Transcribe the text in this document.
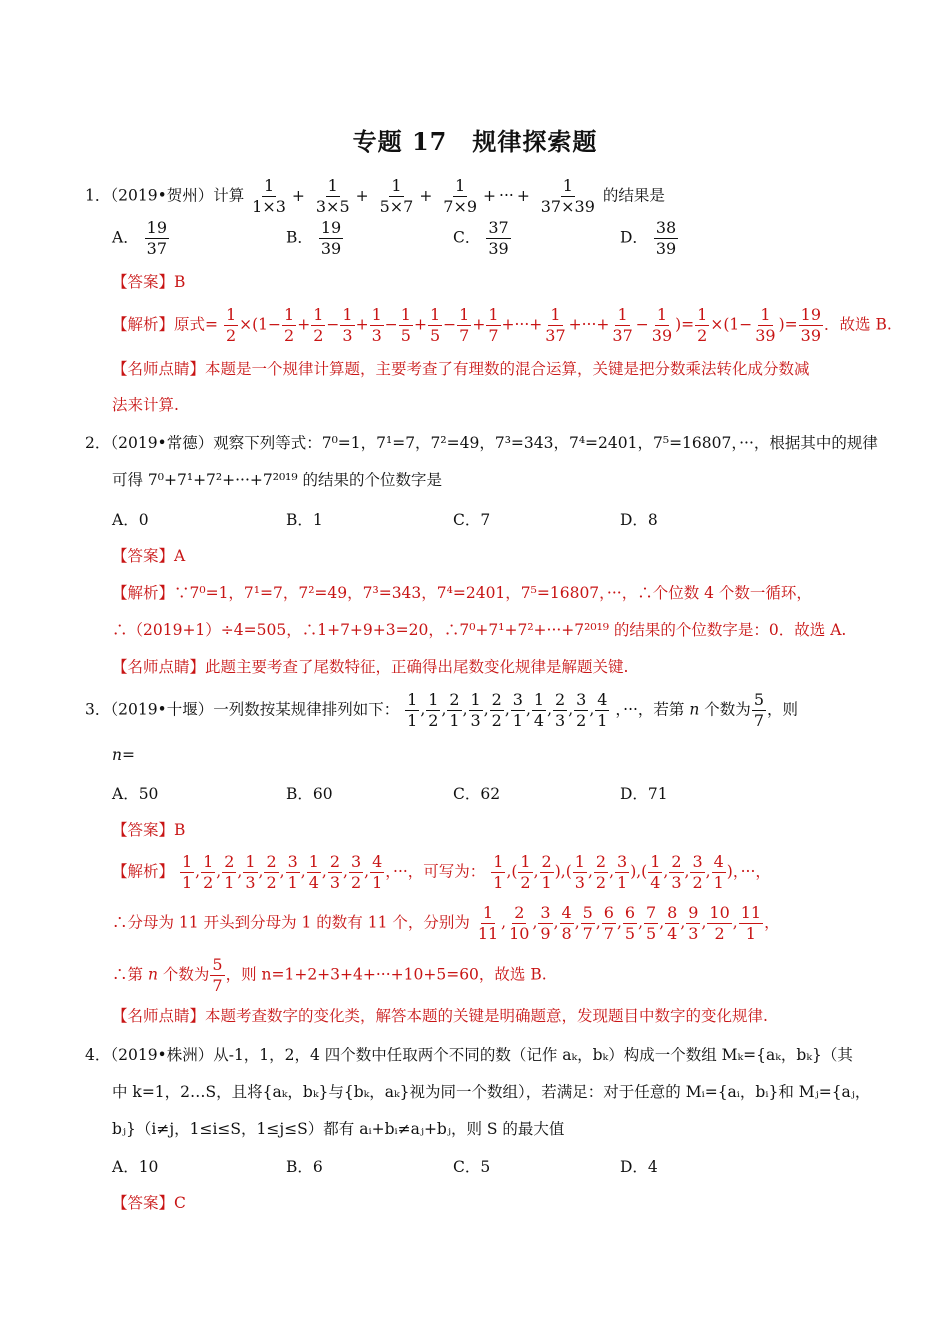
专题 17　规律探索题
1．（2019•贺州）计算 $\frac{1}{1\times 3} + \frac{1}{3\times 5} + \frac{1}{5\times 7} + \frac{1}{7\times 9}$ + ··· + $\frac{1}{37\times 39}$ 的结果是
A． $\frac{19}{37}$	B． $\frac{19}{39}$	C． $\frac{37}{39}$	D． $\frac{38}{39}$
【答案】B
【解析】原式= $\frac{1}{2} \times(1- \frac{1}{2} + \frac{1}{2} - \frac{1}{3} + \frac{1}{3} - \frac{1}{5} + \frac{1}{5} - \frac{1}{7} + \frac{1}{7}$ +···+ $\frac{1}{37}$ +···+ $\frac{1}{37} - \frac{1}{39}$ )= $\frac{1}{2} \times(1- \frac{1}{39}$ )= $\frac{19}{39}$ ．故选 B.
【名师点睛】本题是一个规律计算题，主要考查了有理数的混合运算，关键是把分数乘法转化成分数减
法来计算.
2．（2019•常德）观察下列等式：7⁰=1，7¹=7，7²=49，7³=343，7⁴=2401，7⁵=16807，···，根据其中的规律
可得 7⁰+7¹+7²+···+7²⁰¹⁹ 的结果的个位数字是
A．0	B．1	C．7	D．8
【答案】A
【解析】∵7⁰=1，7¹=7，7²=49，7³=343，7⁴=2401，7⁵=16807，···，∴个位数 4 个数一循环，
∴（2019+1）÷4=505，∴1+7+9+3=20，∴7⁰+7¹+7²+···+7²⁰¹⁹ 的结果的个位数字是：0．故选 A.
【名师点睛】此题主要考查了尾数特征，正确得出尾数变化规律是解题关键.
3．（2019•十堰）一列数按某规律排列如下： $\frac{1}{1}$ , $\frac{1}{2}$ , $\frac{2}{1}$ , $\frac{1}{3}$ , $\frac{2}{2}$ , $\frac{3}{1}$ , $\frac{1}{4}$ , $\frac{2}{3}$ , $\frac{3}{2}$ , $\frac{4}{1}$ ，···，若第 n 个数为 $\frac{5}{7}$ ，则
n=
A．50	B．60	C．62	D．71
【答案】B
【解析】 $\frac{1}{1}$ , $\frac{1}{2}$ , $\frac{2}{1}$ , $\frac{1}{3}$ , $\frac{2}{2}$ , $\frac{3}{1}$ , $\frac{1}{4}$ , $\frac{2}{3}$ , $\frac{3}{2}$ , $\frac{4}{1}$ ，···，可写为： $\frac{1}{1}$ ,( $\frac{1}{2}$ , $\frac{2}{1}$ ),( $\frac{1}{3}$ , $\frac{2}{2}$ , $\frac{3}{1}$ ),( $\frac{1}{4}$ , $\frac{2}{3}$ , $\frac{3}{2}$ , $\frac{4}{1}$ )，···，
∴分母为 11 开头到分母为 1 的数有 11 个，分别为 $\frac{1}{11}$ , $\frac{2}{10}$ , $\frac{3}{9}$ , $\frac{4}{8}$ , $\frac{5}{7}$ , $\frac{6}{7}$ , $\frac{6}{5}$ , $\frac{7}{5}$ , $\frac{8}{4}$ , $\frac{9}{3}$ , $\frac{10}{2}$ , $\frac{11}{1}$ ，
∴第 n 个数为 $\frac{5}{7}$ ，则 n=1+2+3+4+···+10+5=60，故选 B.
【名师点睛】本题考查数字的变化类，解答本题的关键是明确题意，发现题目中数字的变化规律.
4．（2019•株洲）从-1，1，2，4 四个数中任取两个不同的数（记作 aₖ，bₖ）构成一个数组 Mₖ={aₖ，bₖ}（其
中 k=1，2…S，且将{aₖ，bₖ}与{bₖ，aₖ}视为同一个数组），若满足：对于任意的 Mᵢ={aᵢ，bᵢ}和 Mⱼ={aⱼ，
bⱼ}（i≠j，1≤i≤S，1≤j≤S）都有 aᵢ+bᵢ≠aⱼ+bⱼ，则 S 的最大值
A．10	B．6	C．5	D．4
【答案】C
